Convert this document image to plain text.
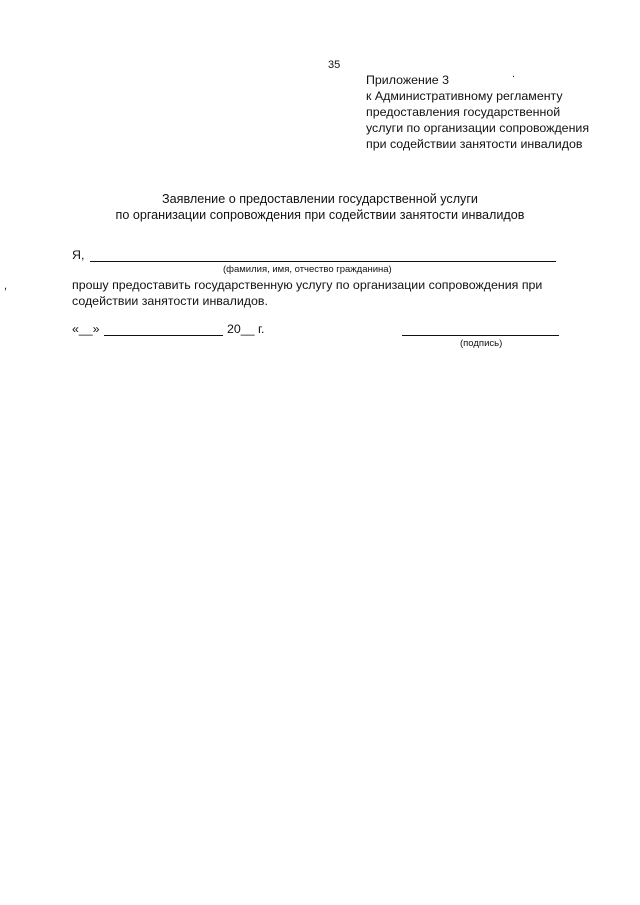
35
Приложение 3
к Административному регламенту
предоставления государственной
услуги по организации сопровождения
при содействии занятости инвалидов
.
Заявление о предоставлении государственной услуги
по организации сопровождения при содействии занятости инвалидов
Я,
(фамилия, имя, отчество гражданина)
,	прошу предоставить государственную услугу по организации сопровождения при
содействии занятости инвалидов.
«__»	20__ г.
(подпись)
